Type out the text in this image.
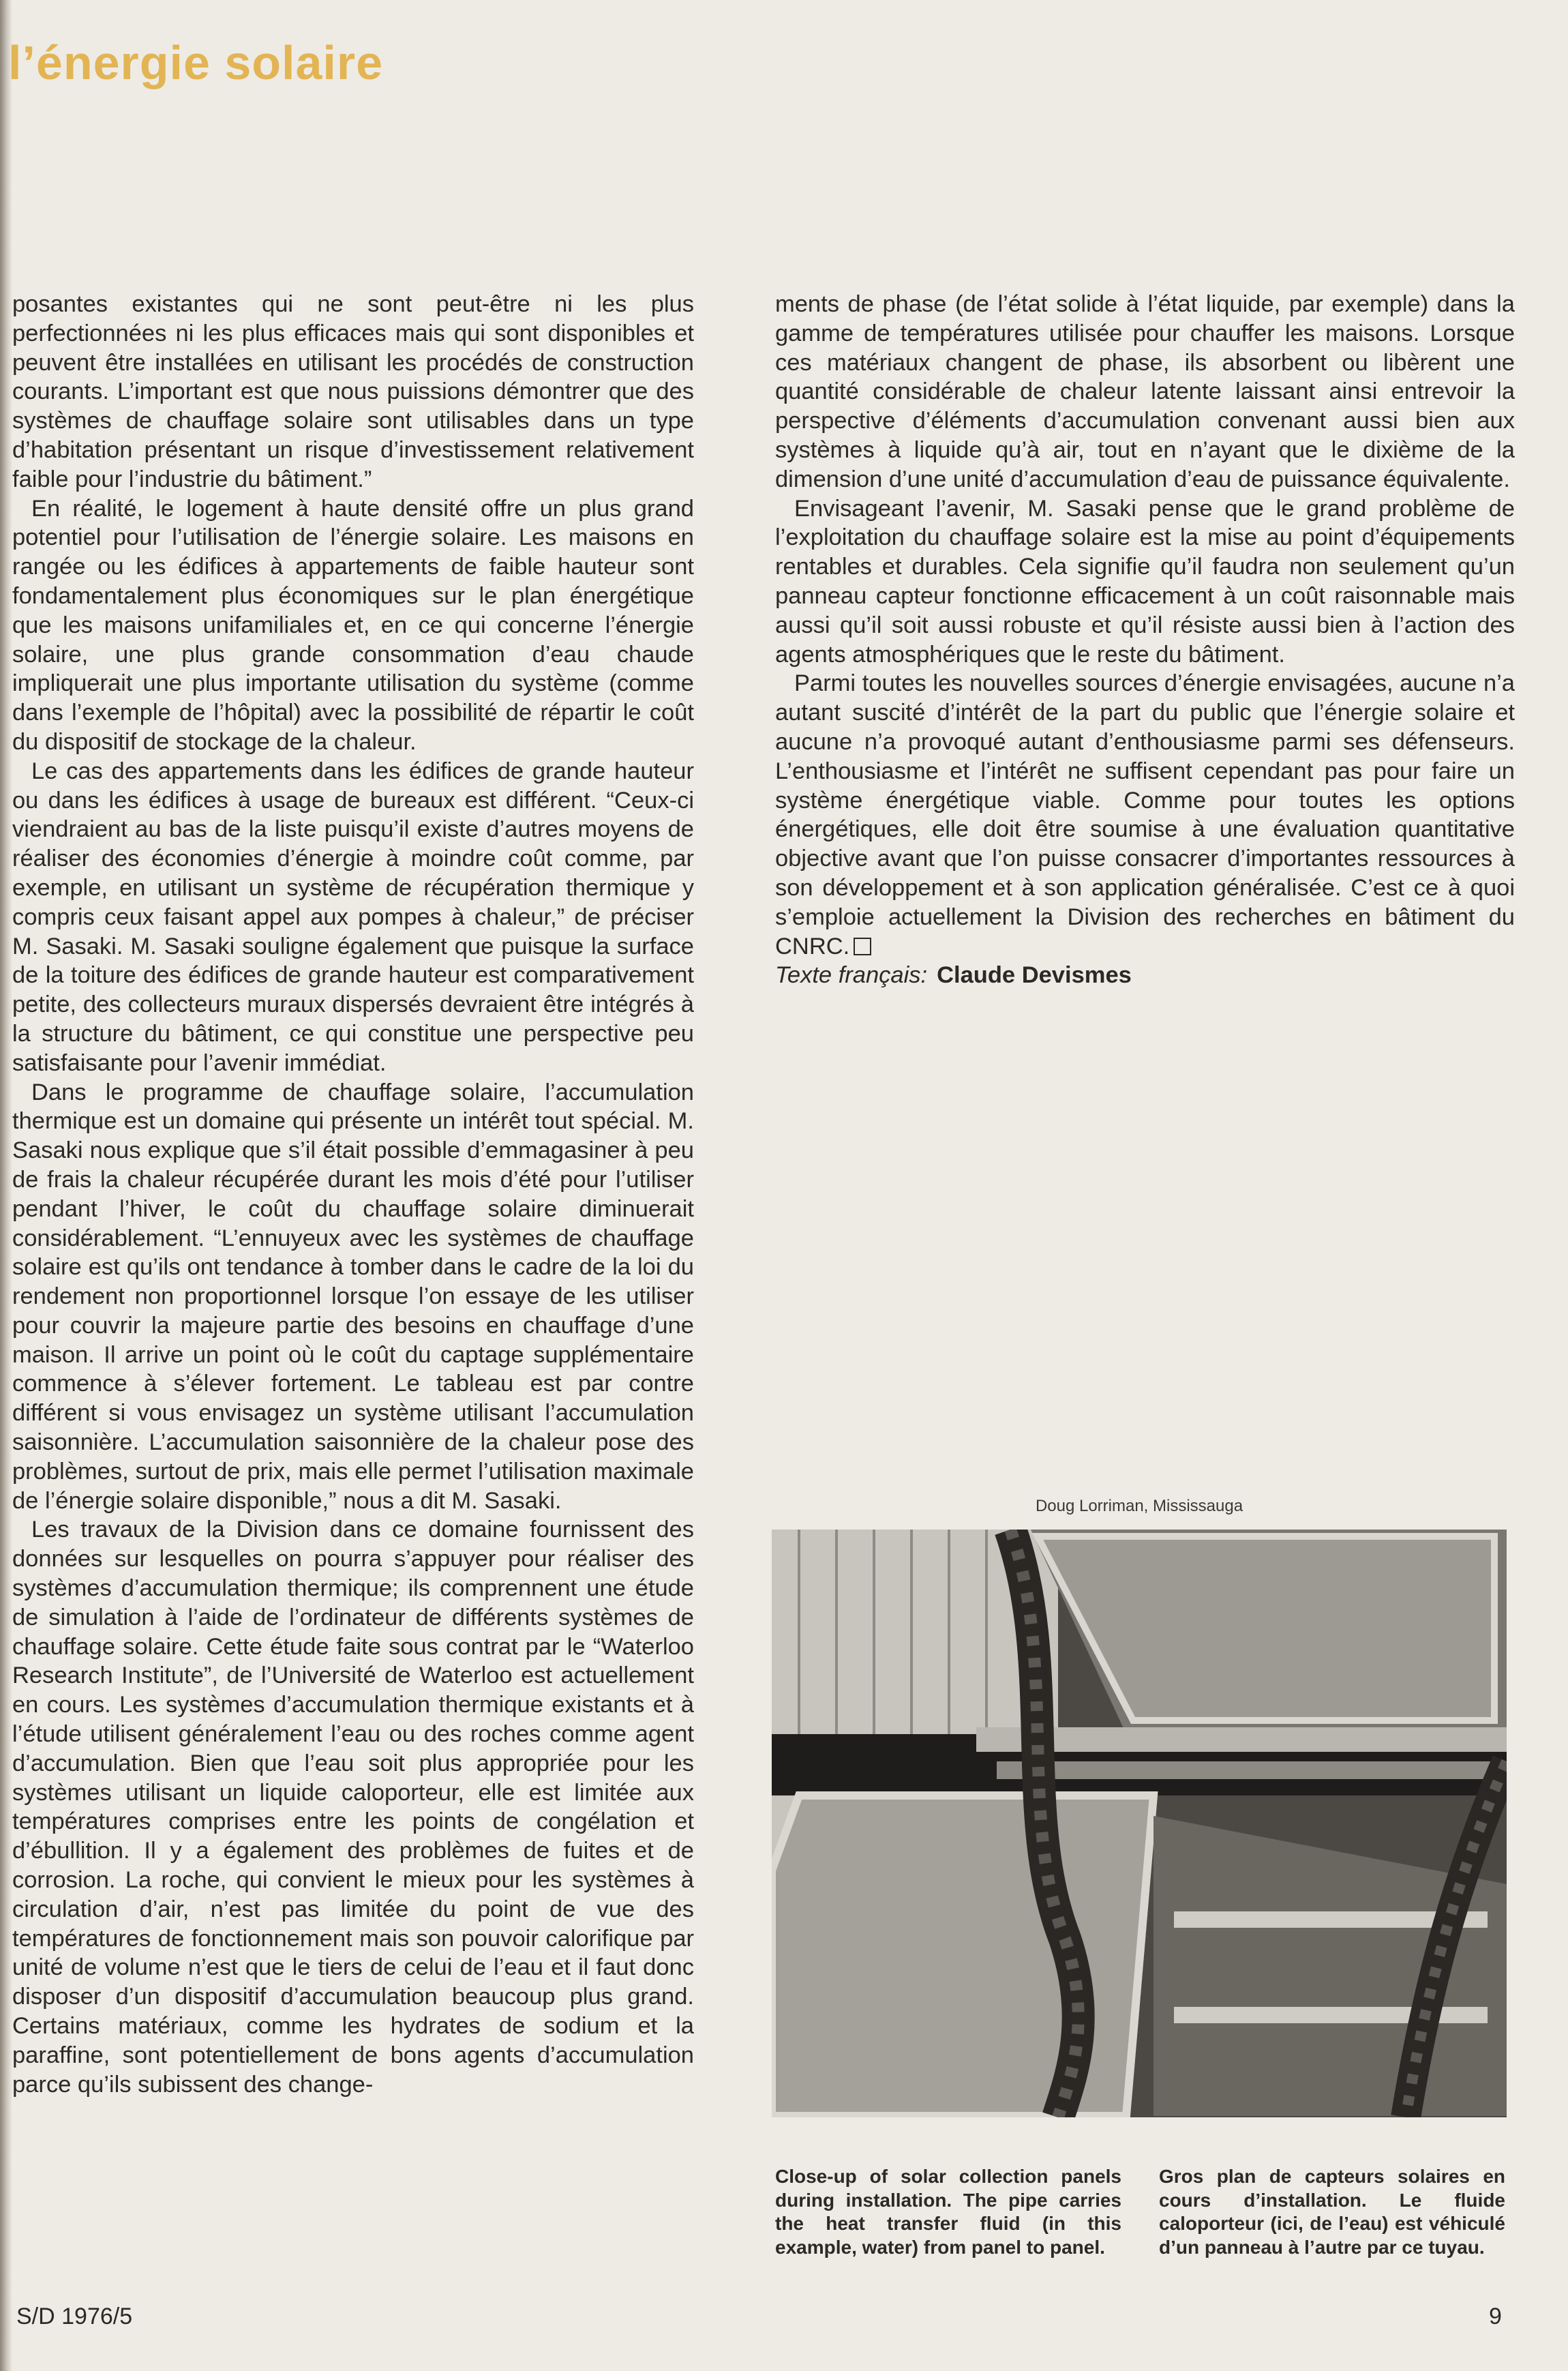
l’énergie solaire

posantes existantes qui ne sont peut-être ni les plus perfectionnées ni les plus efficaces mais qui sont disponibles et peuvent être installées en utilisant les procédés de construction courants. L’important est que nous puissions démontrer que des systèmes de chauffage solaire sont utilisables dans un type d’habitation présentant un risque d’investissement relativement faible pour l’industrie du bâtiment.”

En réalité, le logement à haute densité offre un plus grand potentiel pour l’utilisation de l’énergie solaire. Les maisons en rangée ou les édifices à appartements de faible hauteur sont fondamentalement plus économiques sur le plan énergétique que les maisons unifamiliales et, en ce qui concerne l’énergie solaire, une plus grande consommation d’eau chaude impliquerait une plus importante utilisation du système (comme dans l’exemple de l’hôpital) avec la possibilité de répartir le coût du dispositif de stockage de la chaleur.

Le cas des appartements dans les édifices de grande hauteur ou dans les édifices à usage de bureaux est différent. “Ceux-ci viendraient au bas de la liste puisqu’il existe d’autres moyens de réaliser des économies d’énergie à moindre coût comme, par exemple, en utilisant un système de récupération thermique y compris ceux faisant appel aux pompes à chaleur,” de préciser M. Sasaki. M. Sasaki souligne également que puisque la surface de la toiture des édifices de grande hauteur est comparativement petite, des collecteurs muraux dispersés devraient être intégrés à la structure du bâtiment, ce qui constitue une perspective peu satisfaisante pour l’avenir immédiat.

Dans le programme de chauffage solaire, l’accumulation thermique est un domaine qui présente un intérêt tout spécial. M. Sasaki nous explique que s’il était possible d’emmagasiner à peu de frais la chaleur récupérée durant les mois d’été pour l’utiliser pendant l’hiver, le coût du chauffage solaire diminuerait considérablement. “L’ennuyeux avec les systèmes de chauffage solaire est qu’ils ont tendance à tomber dans le cadre de la loi du rendement non proportionnel lorsque l’on essaye de les utiliser pour couvrir la majeure partie des besoins en chauffage d’une maison. Il arrive un point où le coût du captage supplémentaire commence à s’élever fortement. Le tableau est par contre différent si vous envisagez un système utilisant l’accumulation saisonnière. L’accumulation saisonnière de la chaleur pose des problèmes, surtout de prix, mais elle permet l’utilisation maximale de l’énergie solaire disponible,” nous a dit M. Sasaki.

Les travaux de la Division dans ce domaine fournissent des données sur lesquelles on pourra s’appuyer pour réaliser des systèmes d’accumulation thermique; ils comprennent une étude de simulation à l’aide de l’ordinateur de différents systèmes de chauffage solaire. Cette étude faite sous contrat par le “Waterloo Research Institute”, de l’Université de Waterloo est actuellement en cours. Les systèmes d’accumulation thermique existants et à l’étude utilisent généralement l’eau ou des roches comme agent d’accumulation. Bien que l’eau soit plus appropriée pour les systèmes utilisant un liquide caloporteur, elle est limitée aux températures comprises entre les points de congélation et d’ébullition. Il y a également des problèmes de fuites et de corrosion. La roche, qui convient le mieux pour les systèmes à circulation d’air, n’est pas limitée du point de vue des températures de fonctionnement mais son pouvoir calorifique par unité de volume n’est que le tiers de celui de l’eau et il faut donc disposer d’un dispositif d’accumulation beaucoup plus grand. Certains matériaux, comme les hydrates de sodium et la paraffine, sont potentiellement de bons agents d’accumulation parce qu’ils subissent des change-

ments de phase (de l’état solide à l’état liquide, par exemple) dans la gamme de températures utilisée pour chauffer les maisons. Lorsque ces matériaux changent de phase, ils absorbent ou libèrent une quantité considérable de chaleur latente laissant ainsi entrevoir la perspective d’éléments d’accumulation convenant aussi bien aux systèmes à liquide qu’à air, tout en n’ayant que le dixième de la dimension d’une unité d’accumulation d’eau de puissance équivalente.

Envisageant l’avenir, M. Sasaki pense que le grand problème de l’exploitation du chauffage solaire est la mise au point d’équipements rentables et durables. Cela signifie qu’il faudra non seulement qu’un panneau capteur fonctionne efficacement à un coût raisonnable mais aussi qu’il soit aussi robuste et qu’il résiste aussi bien à l’action des agents atmosphériques que le reste du bâtiment.

Parmi toutes les nouvelles sources d’énergie envisagées, aucune n’a autant suscité d’intérêt de la part du public que l’énergie solaire et aucune n’a provoqué autant d’enthousiasme parmi ses défenseurs. L’enthousiasme et l’intérêt ne suffisent cependant pas pour faire un système énergétique viable. Comme pour toutes les options énergétiques, elle doit être soumise à une évaluation quantitative objective avant que l’on puisse consacrer d’importantes ressources à son développement et à son application généralisée. C’est ce à quoi s’emploie actuellement la Division des recherches en bâtiment du CNRC.

Texte français: Claude Devismes

Doug Lorriman, Mississauga
Close-up of solar collection panels during installation. The pipe carries the heat transfer fluid (in this example, water) from panel to panel.
Gros plan de capteurs solaires en cours d’installation. Le fluide caloporteur (ici, de l’eau) est véhiculé d’un panneau à l’autre par ce tuyau.
S/D 1976/5	9
